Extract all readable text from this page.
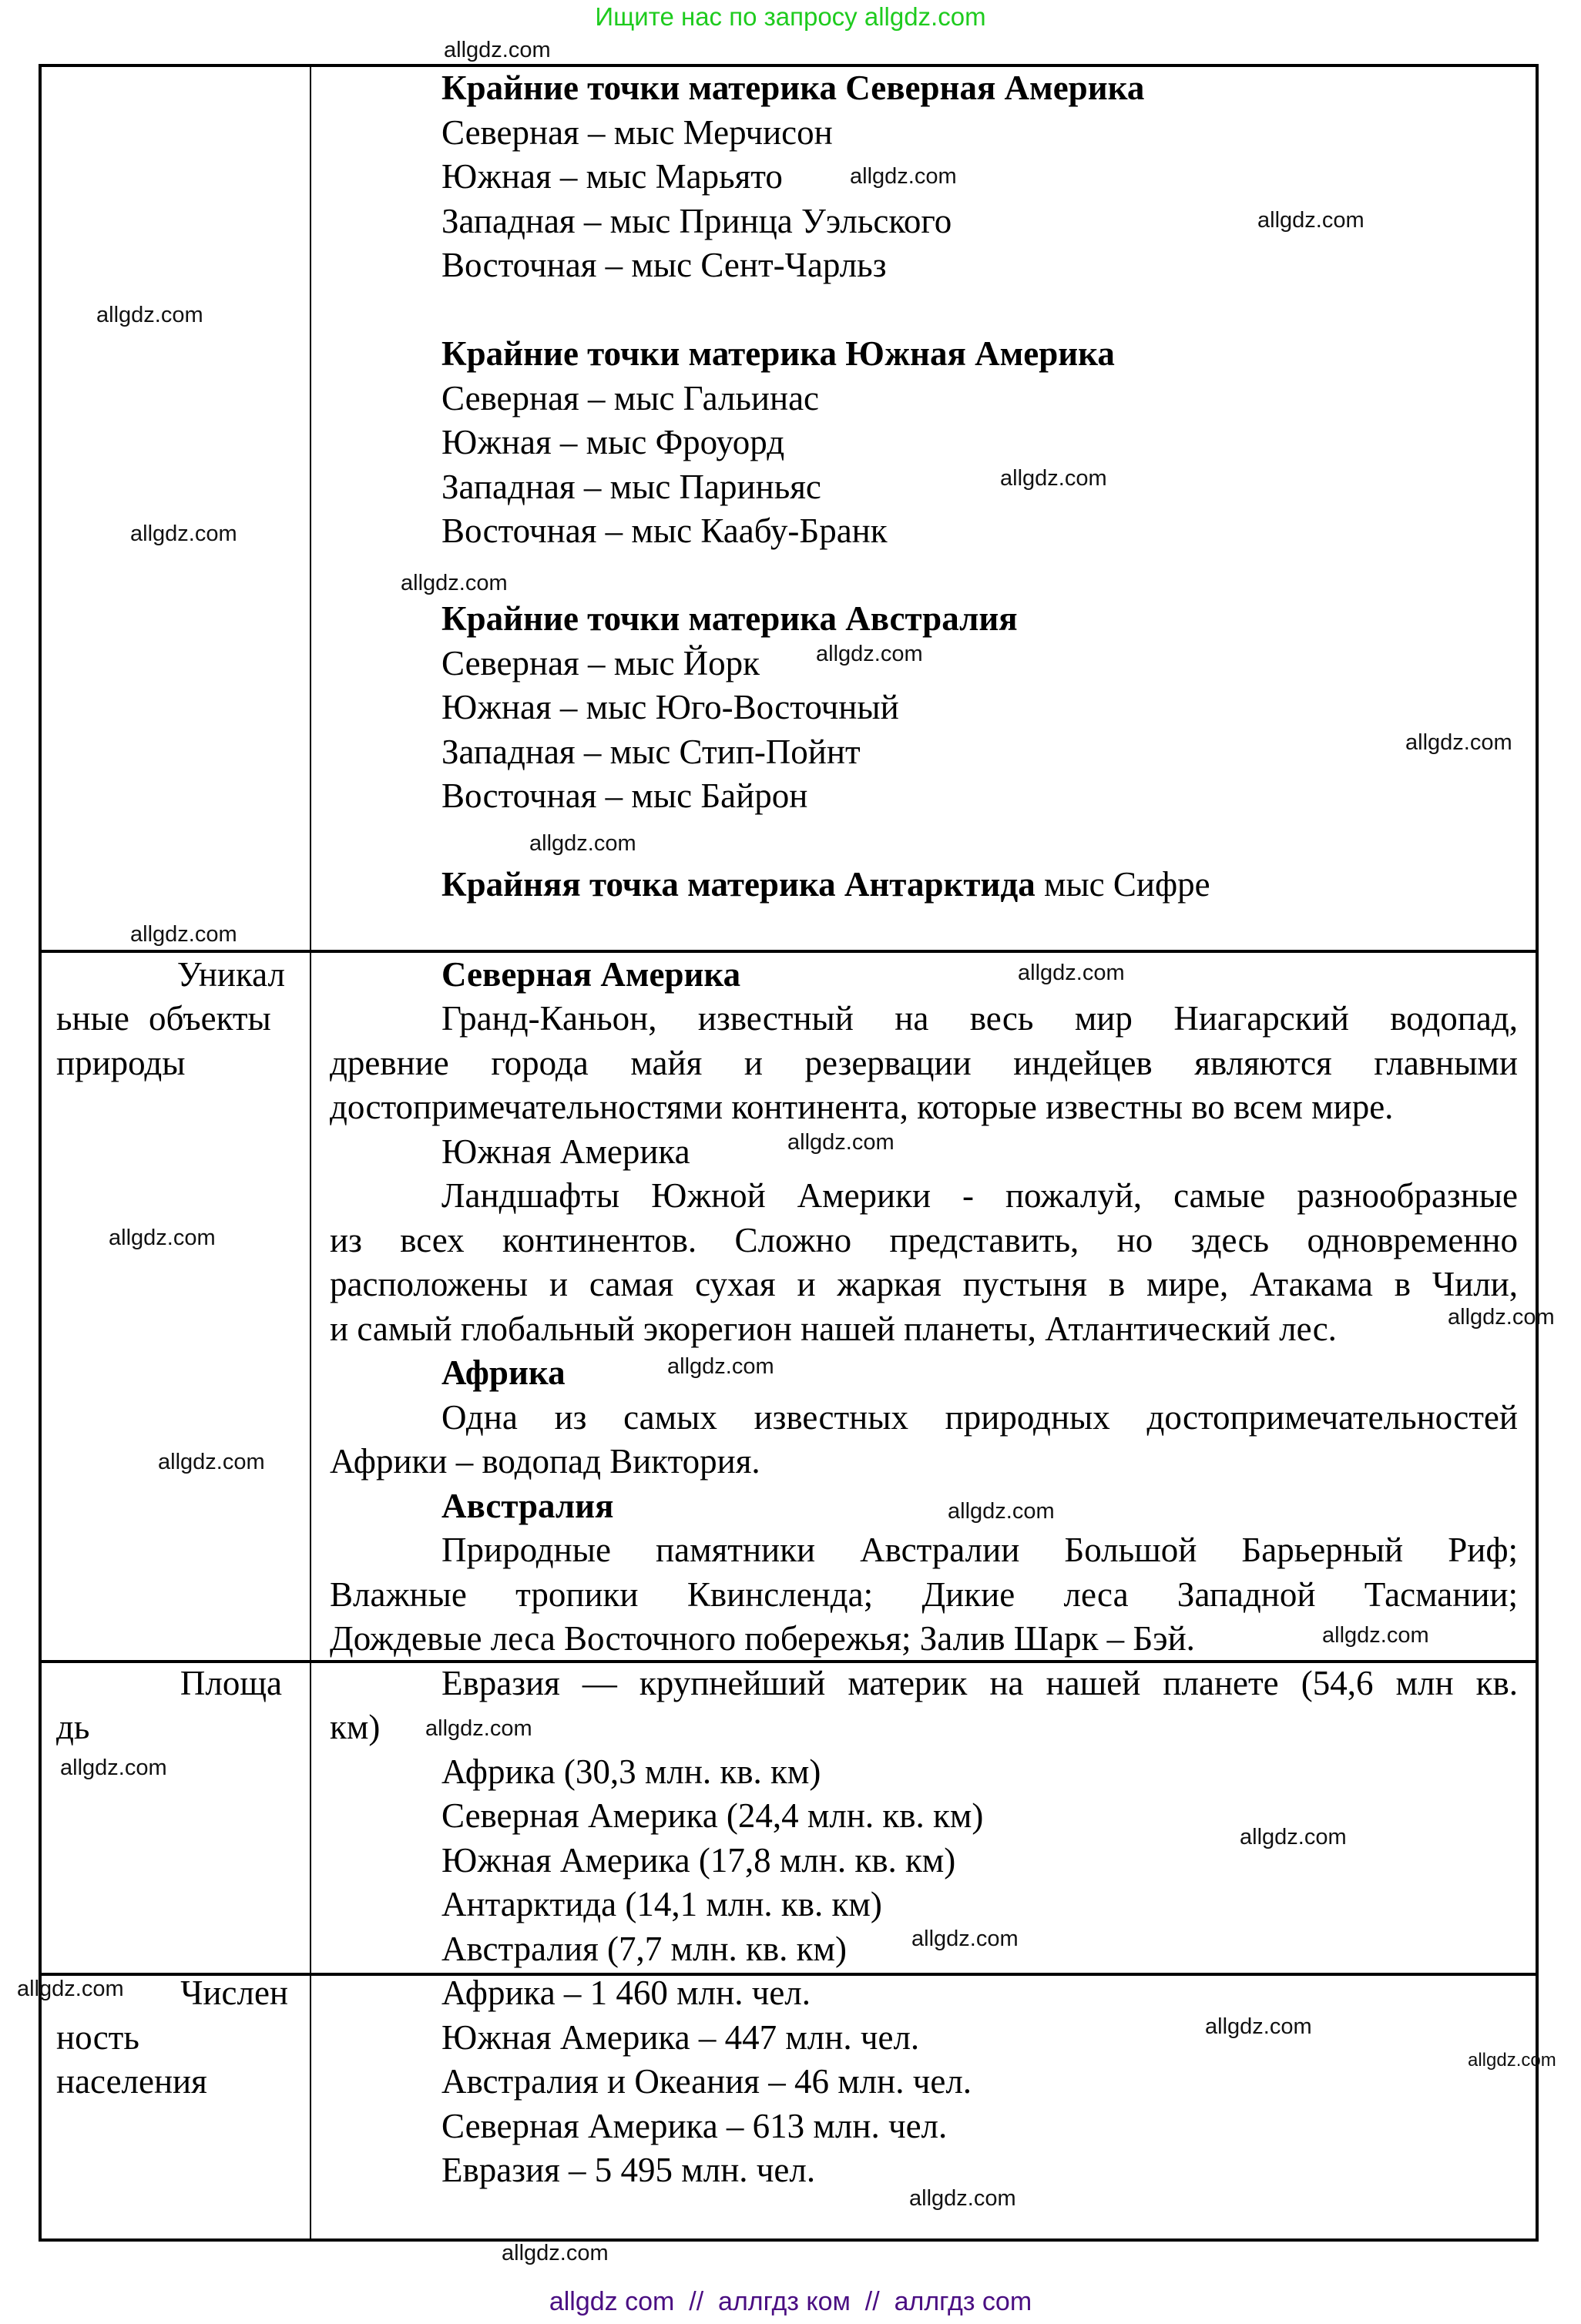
Ищите нас по запросу allgdz.com
Крайние точки материка Северная Америка
Северная – мыс Мерчисон
Южная – мыс Марьято
Западная – мыс Принца Уэльского
Восточная – мыс Сент-Чарльз
Крайние точки материка Южная Америка
Северная – мыс Гальинас
Южная – мыс Фроуорд
Западная – мыс Париньяс
Восточная – мыс Каабу-Бранк
Крайние точки материка Австралия
Северная – мыс Йорк
Южная – мыс Юго-Восточный
Западная – мыс Стип-Пойнт
Восточная – мыс Байрон
Крайняя точка материка Антарктида мыс Сифре
Уникал
ьные объекты
природы
Северная Америка
Гранд-Каньон, известный на весь мир Ниагарский водопад,
древние города майя и резервации индейцев являются главными
достопримечательностями континента, которые известны во всем мире.
Южная Америка
Ландшафты Южной Америки - пожалуй, самые разнообразные
из всех континентов. Сложно представить, но здесь одновременно
расположены и самая сухая и жаркая пустыня в мире, Атакама в Чили,
и самый глобальный экорегион нашей планеты, Атлантический лес.
Африка
Одна из самых известных природных достопримечательностей
Африки – водопад Виктория.
Австралия
Природные памятники Австралии Большой Барьерный Риф;
Влажные тропики Квинсленда; Дикие леса Западной Тасмании;
Дождевые леса Восточного побережья; Залив Шарк – Бэй.
Площа
дь
Евразия — крупнейший материк на нашей планете (54,6 млн кв.
км)
Африка (30,3 млн. кв. км)
Северная Америка (24,4 млн. кв. км)
Южная Америка (17,8 млн. кв. км)
Антарктида (14,1 млн. кв. км)
Австралия (7,7 млн. кв. км)
Числен
ность
населения
Африка – 1 460 млн. чел.
Южная Америка – 447 млн. чел.
Австралия и Океания – 46 млн. чел.
Северная Америка – 613 млн. чел.
Евразия – 5 495 млн. чел.
allgdz.com
allgdz.com
allgdz.com
allgdz.com
allgdz.com
allgdz.com
allgdz.com
allgdz.com
allgdz.com
allgdz.com
allgdz.com
allgdz.com
allgdz.com
allgdz.com
allgdz.com
allgdz.com
allgdz.com
allgdz.com
allgdz.com
allgdz.com
allgdz.com
allgdz.com
allgdz.com
allgdz.com
allgdz.com
allgdz.com
allgdz.com
allgdz.com
allgdz com  //  аллгдз ком  //  аллгдз com
